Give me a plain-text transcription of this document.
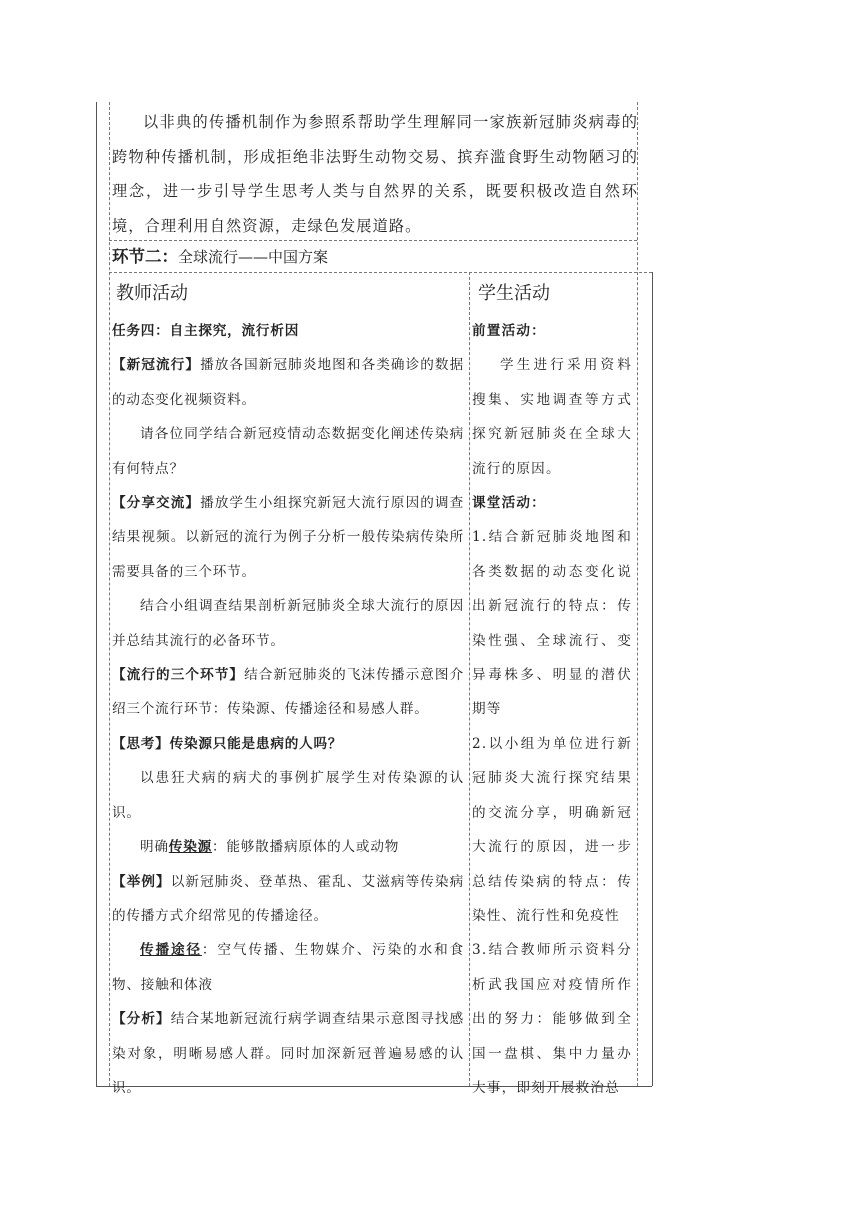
以非典的传播机制作为参照系帮助学生理解同一家族新冠肺炎病毒的跨物种传播机制，形成拒绝非法野生动物交易、摈弃滥食野生动物陋习的理念，进一步引导学生思考人类与自然界的关系，既要积极改造自然环境，合理利用自然资源，走绿色发展道路。

环节二：全球流行——中国方案
教师活动	学生活动

任务四：自主探究，流行析因

【新冠流行】播放各国新冠肺炎地图和各类确诊的数据的动态变化视频资料。

请各位同学结合新冠疫情动态数据变化阐述传染病有何特点？

【分享交流】播放学生小组探究新冠大流行原因的调查结果视频。以新冠的流行为例子分析一般传染病传染所需要具备的三个环节。

结合小组调查结果剖析新冠肺炎全球大流行的原因并总结其流行的必备环节。

【流行的三个环节】结合新冠肺炎的飞沫传播示意图介绍三个流行环节：传染源、传播途径和易感人群。

【思考】传染源只能是患病的人吗？

以患狂犬病的病犬的事例扩展学生对传染源的认识。

明确传染源：能够散播病原体的人或动物

【举例】以新冠肺炎、登革热、霍乱、艾滋病等传染病的传播方式介绍常见的传播途径。

传播途径：空气传播、生物媒介、污染的水和食物、接触和体液

【分析】结合某地新冠流行病学调查结果示意图寻找感染对象，明晰易感人群。同时加深新冠普遍易感的认识。

前置活动：

学生进行采用资料搜集、实地调查等方式探究新冠肺炎在全球大流行的原因。

课堂活动：

1.结合新冠肺炎地图和各类数据的动态变化说出新冠流行的特点：传染性强、全球流行、变异毒株多、明显的潜伏期等

2.以小组为单位进行新冠肺炎大流行探究结果的交流分享，明确新冠大流行的原因，进一步总结传染病的特点：传染性、流行性和免疫性

3.结合教师所示资料分析武我国应对疫情所作出的努力：能够做到全国一盘棋、集中力量办大事，即刻开展救治总
